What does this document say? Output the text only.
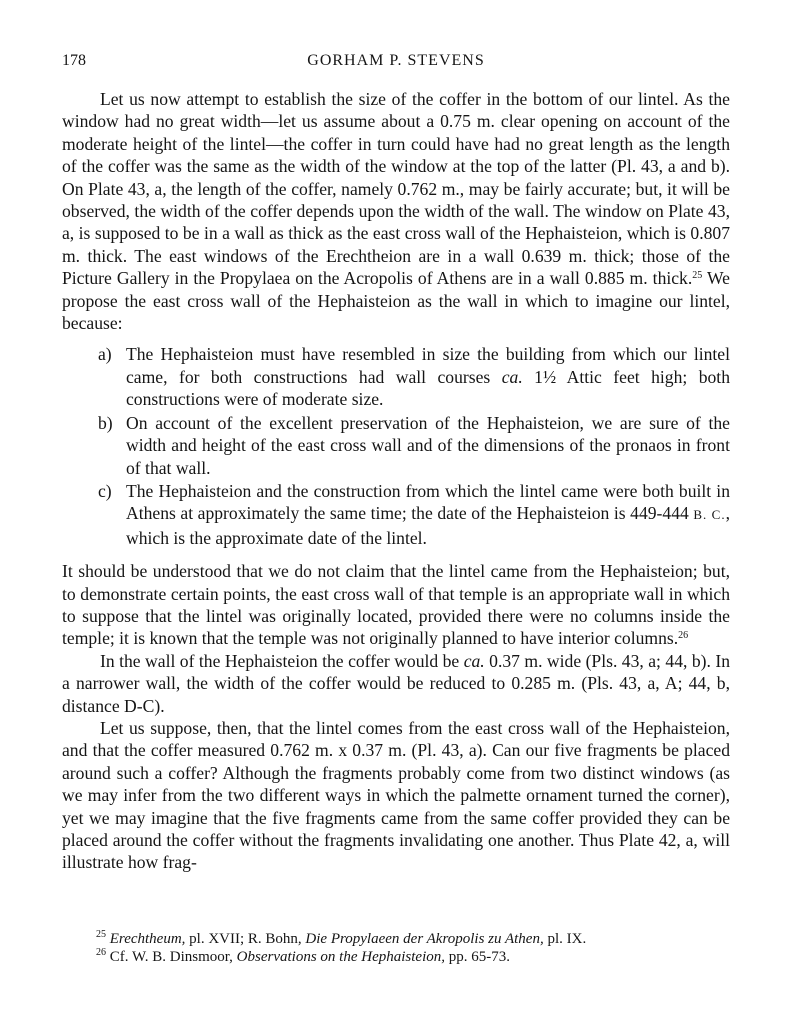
178	GORHAM P. STEVENS

Let us now attempt to establish the size of the coffer in the bottom of our lintel. As the window had no great width—let us assume about a 0.75 m. clear opening on account of the moderate height of the lintel—the coffer in turn could have had no great length as the length of the coffer was the same as the width of the window at the top of the latter (Pl. 43, a and b). On Plate 43, a, the length of the coffer, namely 0.762 m., may be fairly accurate; but, it will be observed, the width of the coffer depends upon the width of the wall. The window on Plate 43, a, is supposed to be in a wall as thick as the east cross wall of the Hephaisteion, which is 0.807 m. thick. The east windows of the Erechtheion are in a wall 0.639 m. thick; those of the Picture Gallery in the Propylaea on the Acropolis of Athens are in a wall 0.885 m. thick.$^{25}$ We propose the east cross wall of the Hephaisteion as the wall in which to imagine our lintel, because:

a) The Hephaisteion must have resembled in size the building from which our lintel came, for both constructions had wall courses ca. 1½ Attic feet high; both constructions were of moderate size.
b) On account of the excellent preservation of the Hephaisteion, we are sure of the width and height of the east cross wall and of the dimensions of the pronaos in front of that wall.
c) The Hephaisteion and the construction from which the lintel came were both built in Athens at approximately the same time; the date of the Hephaisteion is 449-444 B. C., which is the approximate date of the lintel.

It should be understood that we do not claim that the lintel came from the Hephaisteion; but, to demonstrate certain points, the east cross wall of that temple is an appropriate wall in which to suppose that the lintel was originally located, provided there were no columns inside the temple; it is known that the temple was not originally planned to have interior columns.$^{26}$

In the wall of the Hephaisteion the coffer would be ca. 0.37 m. wide (Pls. 43, a; 44, b). In a narrower wall, the width of the coffer would be reduced to 0.285 m. (Pls. 43, a, A; 44, b, distance D-C).

Let us suppose, then, that the lintel comes from the east cross wall of the Hephaisteion, and that the coffer measured 0.762 m. x 0.37 m. (Pl. 43, a). Can our five fragments be placed around such a coffer? Although the fragments probably come from two distinct windows (as we may infer from the two different ways in which the palmette ornament turned the corner), yet we may imagine that the five fragments came from the same coffer provided they can be placed around the coffer without the fragments invalidating one another. Thus Plate 42, a, will illustrate how frag-

$^{25}$ Erechtheum, pl. XVII; R. Bohn, Die Propylaeen der Akropolis zu Athen, pl. IX.

$^{26}$ Cf. W. B. Dinsmoor, Observations on the Hephaisteion, pp. 65-73.
